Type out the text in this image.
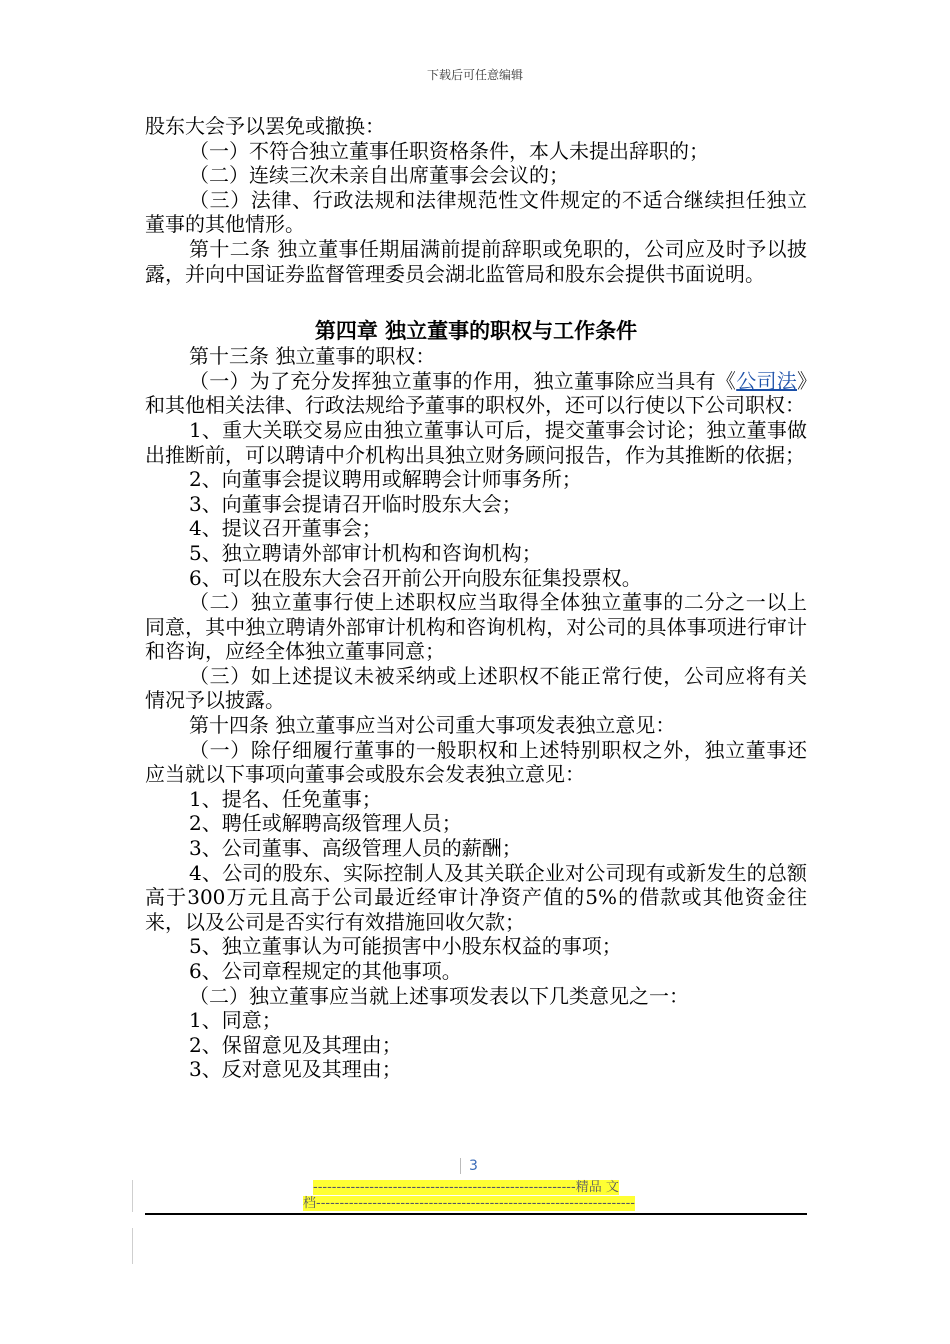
下载后可任意编辑

股东大会予以罢免或撤换：

（一）不符合独立董事任职资格条件，本人未提出辞职的；

（二）连续三次未亲自出席董事会会议的；

（三）法律、行政法规和法律规范性文件规定的不适合继续担任独立董事的其他情形。

第十二条 独立董事任期届满前提前辞职或免职的，公司应及时予以披露，并向中国证券监督管理委员会湖北监管局和股东会提供书面说明。

第四章 独立董事的职权与工作条件

第十三条 独立董事的职权：

（一）为了充分发挥独立董事的作用，独立董事除应当具有《公司法》和其他相关法律、行政法规给予董事的职权外，还可以行使以下公司职权：

1、重大关联交易应由独立董事认可后，提交董事会讨论；独立董事做出推断前，可以聘请中介机构出具独立财务顾问报告，作为其推断的依据；

2、向董事会提议聘用或解聘会计师事务所；

3、向董事会提请召开临时股东大会；

4、提议召开董事会；

5、独立聘请外部审计机构和咨询机构；

6、可以在股东大会召开前公开向股东征集投票权。

（二）独立董事行使上述职权应当取得全体独立董事的二分之一以上同意，其中独立聘请外部审计机构和咨询机构，对公司的具体事项进行审计和咨询，应经全体独立董事同意；

（三）如上述提议未被采纳或上述职权不能正常行使，公司应将有关情况予以披露。

第十四条 独立董事应当对公司重大事项发表独立意见：

（一）除仔细履行董事的一般职权和上述特别职权之外，独立董事还应当就以下事项向董事会或股东会发表独立意见：

1、提名、任免董事；

2、聘任或解聘高级管理人员；

3、公司董事、高级管理人员的薪酬；

4、公司的股东、实际控制人及其关联企业对公司现有或新发生的总额高于300万元且高于公司最近经审计净资产值的5%的借款或其他资金往来，以及公司是否实行有效措施回收欠款；

5、独立董事认为可能损害中小股东权益的事项；

6、公司章程规定的其他事项。

（二）独立董事应当就上述事项发表以下几类意见之一：

1、同意；

2、保留意见及其理由；

3、反对意见及其理由；

3
--------------------------------------------------------精品 文
档--------------------------------------------------------------------
